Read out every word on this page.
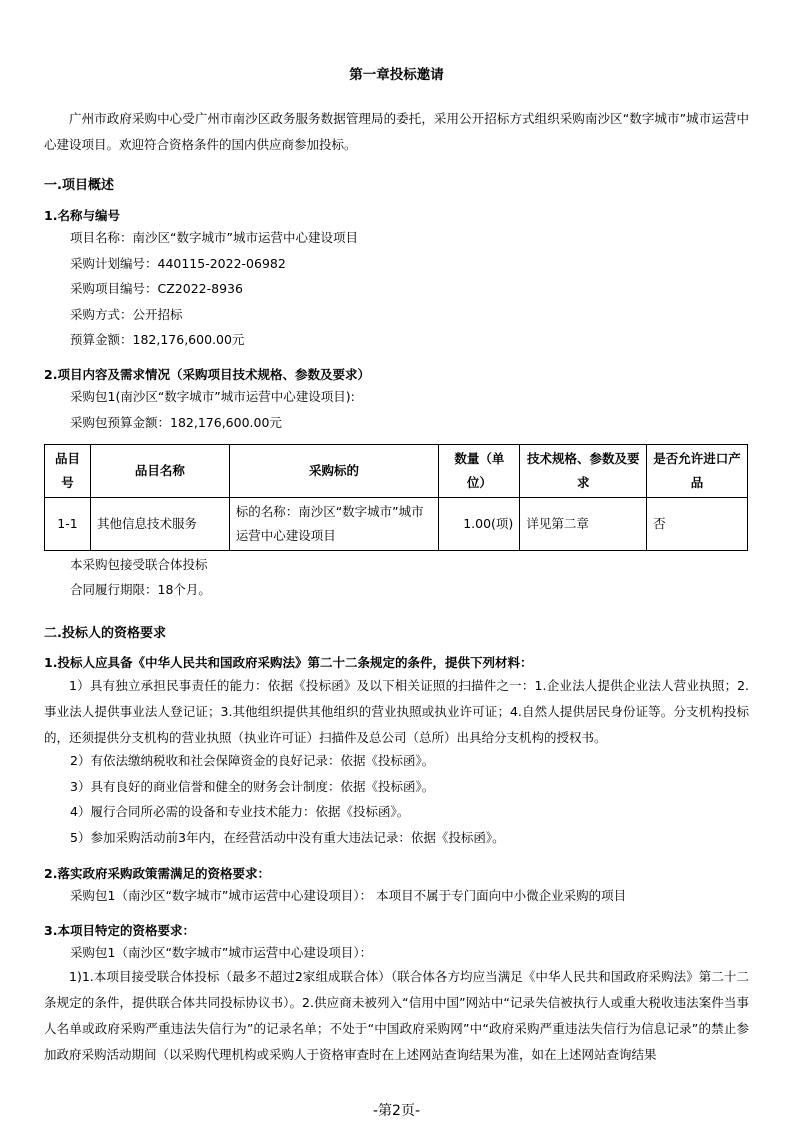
第一章投标邀请
广州市政府采购中心受广州市南沙区政务服务数据管理局的委托，采用公开招标方式组织采购南沙区“数字城市”城市运营中心建设项目。欢迎符合资格条件的国内供应商参加投标。
一.项目概述
1.名称与编号
项目名称：南沙区“数字城市”城市运营中心建设项目
采购计划编号：440115-2022-06982
采购项目编号：CZ2022-8936
采购方式：公开招标
预算金额：182,176,600.00元
2.项目内容及需求情况（采购项目技术规格、参数及要求）
采购包1(南沙区“数字城市”城市运营中心建设项目):
采购包预算金额：182,176,600.00元
品目号	品目名称	采购标的	数量（单位）	技术规格、参数及要求	是否允许进口产品
1-1	其他信息技术服务	标的名称：南沙区“数字城市”城市运营中心建设项目	1.00(项)	详见第二章	否
本采购包接受联合体投标
合同履行期限：18个月。
二.投标人的资格要求
1.投标人应具备《中华人民共和国政府采购法》第二十二条规定的条件，提供下列材料：
1）具有独立承担民事责任的能力：依据《投标函》及以下相关证照的扫描件之一：1.企业法人提供企业法人营业执照；2.事业法人提供事业法人登记证；3.其他组织提供其他组织的营业执照或执业许可证；4.自然人提供居民身份证等。分支机构投标的，还须提供分支机构的营业执照（执业许可证）扫描件及总公司（总所）出具给分支机构的授权书。
2）有依法缴纳税收和社会保障资金的良好记录：依据《投标函》。
3）具有良好的商业信誉和健全的财务会计制度：依据《投标函》。
4）履行合同所必需的设备和专业技术能力：依据《投标函》。
5）参加采购活动前3年内，在经营活动中没有重大违法记录：依据《投标函》。
2.落实政府采购政策需满足的资格要求：
采购包1（南沙区“数字城市”城市运营中心建设项目）： 本项目不属于专门面向中小微企业采购的项目
3.本项目特定的资格要求：
采购包1（南沙区“数字城市”城市运营中心建设项目）：
1)1.本项目接受联合体投标（最多不超过2家组成联合体）（联合体各方均应当满足《中华人民共和国政府采购法》第二十二条规定的条件，提供联合体共同投标协议书）。2.供应商未被列入“信用中国”网站中“记录失信被执行人或重大税收违法案件当事人名单或政府采购严重违法失信行为”的记录名单；不处于“中国政府采购网”中“政府采购严重违法失信行为信息记录”的禁止参加政府采购活动期间（以采购代理机构或采购人于资格审查时在上述网站查询结果为准，如在上述网站查询结果
-第2页-
